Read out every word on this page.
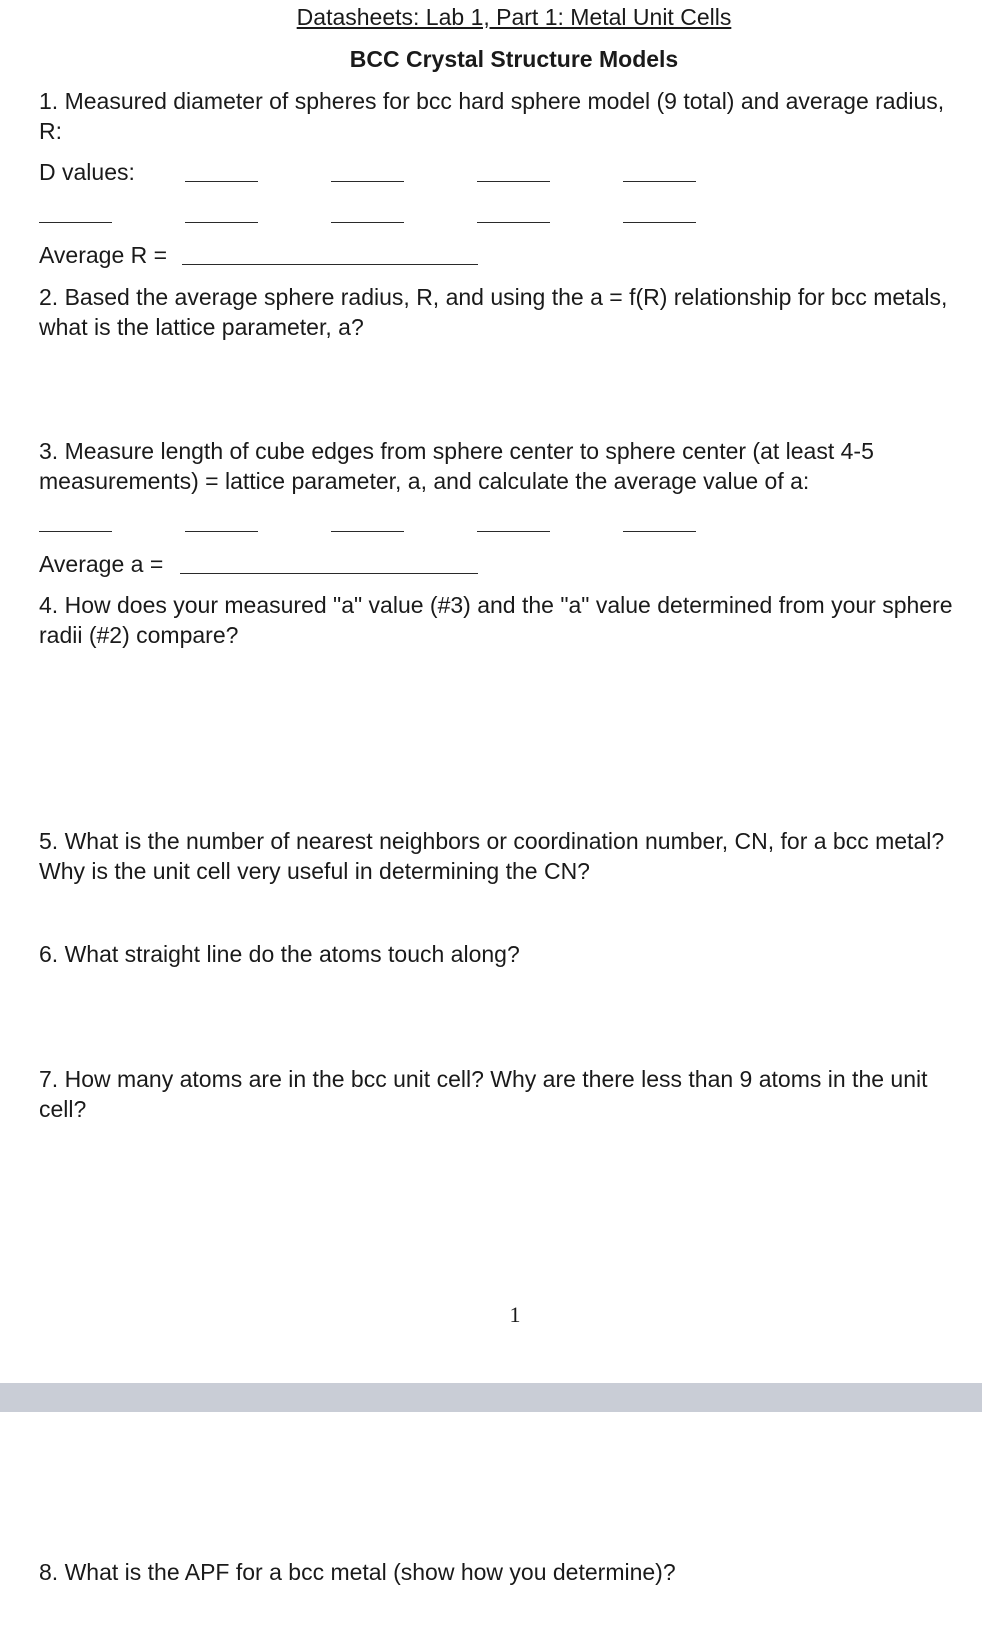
Datasheets: Lab 1, Part 1: Metal Unit Cells
BCC Crystal Structure Models
1. Measured diameter of spheres for bcc hard sphere model (9 total) and average radius, R:
D values:
Average R =
2. Based the average sphere radius, R, and using the a = f(R) relationship for bcc metals, what is the lattice parameter, a?
3. Measure length of cube edges from sphere center to sphere center (at least 4-5 measurements) = lattice parameter, a, and calculate the average value of a:
Average a =
4. How does your measured "a" value (#3) and the "a" value determined from your sphere radii (#2) compare?
5. What is the number of nearest neighbors or coordination number, CN, for a bcc metal? Why is the unit cell very useful in determining the CN?
6. What straight line do the atoms touch along?
7. How many atoms are in the bcc unit cell? Why are there less than 9 atoms in the unit cell?
1
8. What is the APF for a bcc metal (show how you determine)?
